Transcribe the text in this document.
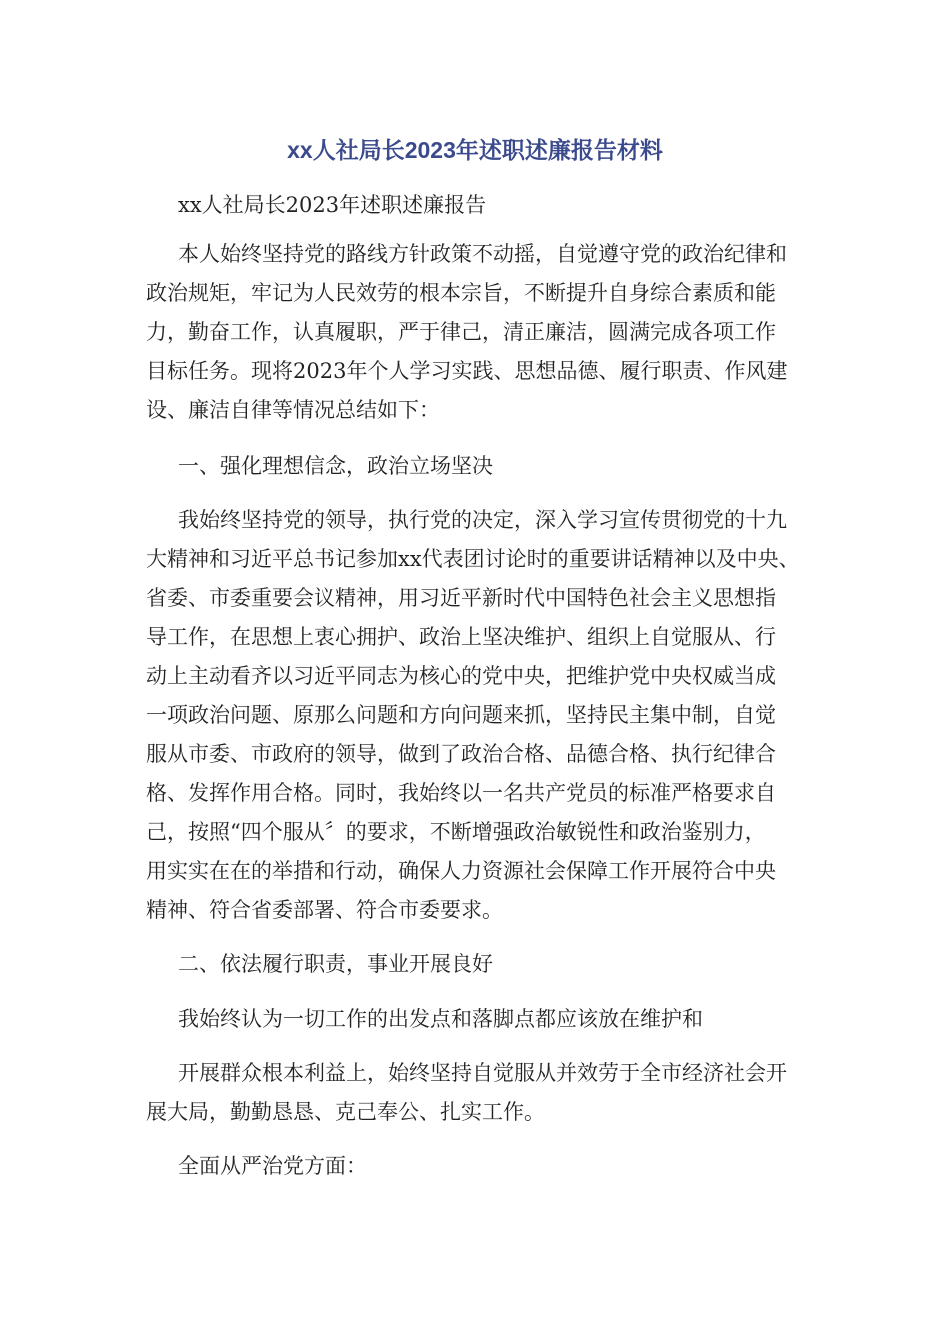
xx人社局长2023年述职述廉报告材料

xx人社局长2023年述职述廉报告

本人始终坚持党的路线方针政策不动摇，自觉遵守党的政治纪律和
政治规矩，牢记为人民效劳的根本宗旨，不断提升自身综合素质和能
力，勤奋工作，认真履职，严于律己，清正廉洁，圆满完成各项工作
目标任务。现将2023年个人学习实践、思想品德、履行职责、作风建
设、廉洁自律等情况总结如下：

一、强化理想信念，政治立场坚决

我始终坚持党的领导，执行党的决定，深入学习宣传贯彻党的十九
大精神和习近平总书记参加xx代表团讨论时的重要讲话精神以及中央、
省委、市委重要会议精神，用习近平新时代中国特色社会主义思想指
导工作，在思想上衷心拥护、政治上坚决维护、组织上自觉服从、行
动上主动看齐以习近平同志为核心的党中央，把维护党中央权威当成
一项政治问题、原那么问题和方向问题来抓，坚持民主集中制，自觉
服从市委、市政府的领导，做到了政治合格、品德合格、执行纪律合
格、发挥作用合格。同时，我始终以一名共产党员的标准严格要求自
己，按照“四个服从〞的要求，不断增强政治敏锐性和政治鉴别力，
用实实在在的举措和行动，确保人力资源社会保障工作开展符合中央
精神、符合省委部署、符合市委要求。

二、依法履行职责，事业开展良好

我始终认为一切工作的出发点和落脚点都应该放在维护和

开展群众根本利益上，始终坚持自觉服从并效劳于全市经济社会开
展大局，勤勤恳恳、克己奉公、扎实工作。

全面从严治党方面：
